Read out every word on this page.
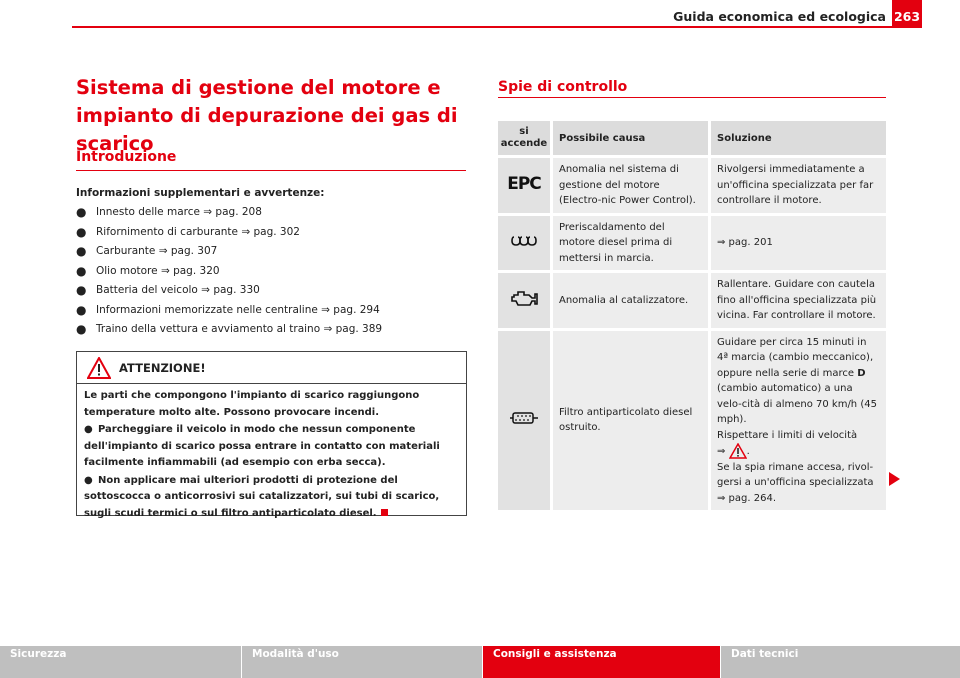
Guida economica ed ecologica 263
Sistema di gestione del motore e impianto di depurazione dei gas di scarico
Introduzione
Informazioni supplementari e avvertenze:
● Innesto delle marce ⇒ pag. 208
● Rifornimento di carburante ⇒ pag. 302
● Carburante ⇒ pag. 307
● Olio motore ⇒ pag. 320
● Batteria del veicolo ⇒ pag. 330
● Informazioni memorizzate nelle centraline ⇒ pag. 294
● Traino della vettura e avviamento al traino ⇒ pag. 389
ATTENZIONE!

Le parti che compongono l'impianto di scarico raggiungono temperature molto alte. Possono provocare incendi.

● Parcheggiare il veicolo in modo che nessun componente dell'impianto di scarico possa entrare in contatto con materiali facilmente infiammabili (ad esempio con erba secca).

● Non applicare mai ulteriori prodotti di protezione del sottoscocca o anticorrosivi sui catalizzatori, sui tubi di scarico, sugli scudi termici o sul filtro antiparticolato diesel.

Spie di controllo
si accende	Possibile causa	Soluzione
EPC	Anomalia nel sistema di gestione del motore (Electro-nic Power Control).	Rivolgersi immediatamente a un'officina specializzata per far controllare il motore.
	Preriscaldamento del motore diesel prima di mettersi in marcia.	⇒ pag. 201
	Anomalia al catalizzatore.	Rallentare. Guidare con cautela fino all'officina specializzata più vicina. Far controllare il motore.
	Filtro antiparticolato diesel ostruito.	Guidare per circa 15 minuti in 4ª marcia (cambio meccanico), oppure nella serie di marce D (cambio automatico) a una velo-cità di almeno 70 km/h (45 mph).
Rispettare i limiti di velocità
⇒ .
Se la spia rimane accesa, rivol-gersi a un'officina specializzata ⇒ pag. 264.
Sicurezza	Modalità d'uso	Consigli e assistenza	Dati tecnici
